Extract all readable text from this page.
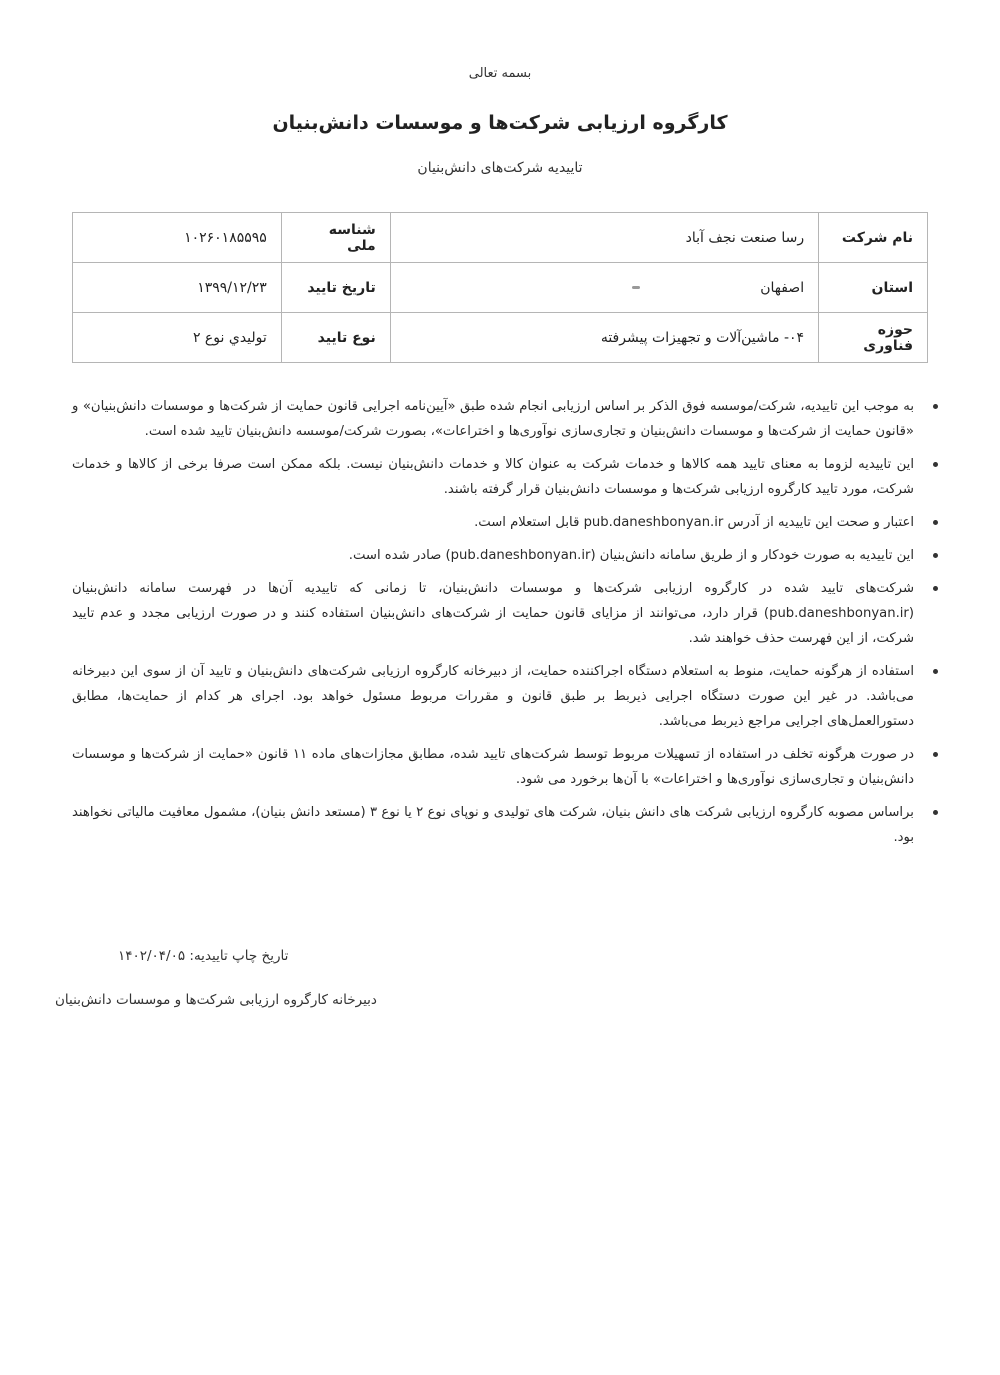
بسمه تعالی
کارگروه ارزیابی شرکت‌ها و موسسات دانش‌بنیان
تاییدیه شرکت‌های دانش‌بنیان
نام شرکت	رسا صنعت نجف آباد	شناسه ملی	۱۰۲۶۰۱۸۵۵۹۵
استان	اصفهان	تاریخ تایید	۱۳۹۹/۱۲/۲۳
حوزه فناوری	۰۴- ماشین‌آلات و تجهیزات پیشرفته	نوع تایید	توليدي نوع ۲
به موجب این تاییدیه، شرکت/موسسه فوق الذکر بر اساس ارزیابی انجام شده طبق «آیین‌نامه اجرایی قانون حمایت از شرکت‌ها و موسسات دانش‌بنیان» و «قانون حمایت از شرکت‌ها و موسسات دانش‌بنیان و تجاری‌سازی نوآوری‌ها و اختراعات»، بصورت شرکت/موسسه دانش‌بنیان تایید شده است.
این تاییدیه لزوما به معنای تایید همه کالاها و خدمات شرکت به عنوان کالا و خدمات دانش‌بنیان نیست. بلکه ممکن است صرفا برخی از کالاها و خدمات شرکت، مورد تایید کارگروه ارزیابی شرکت‌ها و موسسات دانش‌بنیان قرار گرفته باشند.
اعتبار و صحت این تاییدیه از آدرس pub.daneshbonyan.ir قابل استعلام است.
این تاییدیه به صورت خودکار و از طریق سامانه دانش‌بنیان (pub.daneshbonyan.ir) صادر شده است.
شرکت‌های تایید شده در کارگروه ارزیابی شرکت‌ها و موسسات دانش‌بنیان، تا زمانی که تاییدیه آن‌ها در فهرست سامانه دانش‌بنیان (pub.daneshbonyan.ir) قرار دارد، می‌توانند از مزایای قانون حمایت از شرکت‌های دانش‌بنیان استفاده کنند و در صورت ارزیابی مجدد و عدم تایید شرکت، از این فهرست حذف خواهند شد.
استفاده از هرگونه حمایت، منوط به استعلام دستگاه اجراکننده حمایت، از دبیرخانه کارگروه ارزیابی شرکت‌های دانش‌بنیان و تایید آن از سوی این دبیرخانه می‌باشد. در غیر این صورت دستگاه اجرایی ذیربط بر طبق قانون و مقررات مربوط مسئول خواهد بود. اجرای هر کدام از حمایت‌ها، مطابق دستورالعمل‌های اجرایی مراجع ذیربط می‌باشد.
در صورت هرگونه تخلف در استفاده از تسهیلات مربوط توسط شرکت‌های تایید شده، مطابق مجازات‌های ماده ۱۱ قانون «حمایت از شرکت‌ها و موسسات دانش‌بنیان و تجاری‌سازی نوآوری‌ها و اختراعات» با آن‌ها برخورد می شود.
براساس مصوبه کارگروه ارزیابی شرکت های دانش بنیان، شرکت های تولیدی و نوپای نوع ۲ یا نوع ۳ (مستعد دانش بنیان)، مشمول معافیت مالیاتی نخواهند بود.
تاریخ چاپ تاییدیه: ۱۴۰۲/۰۴/۰۵
دبیرخانه کارگروه ارزیابی شرکت‌ها و موسسات دانش‌بنیان
